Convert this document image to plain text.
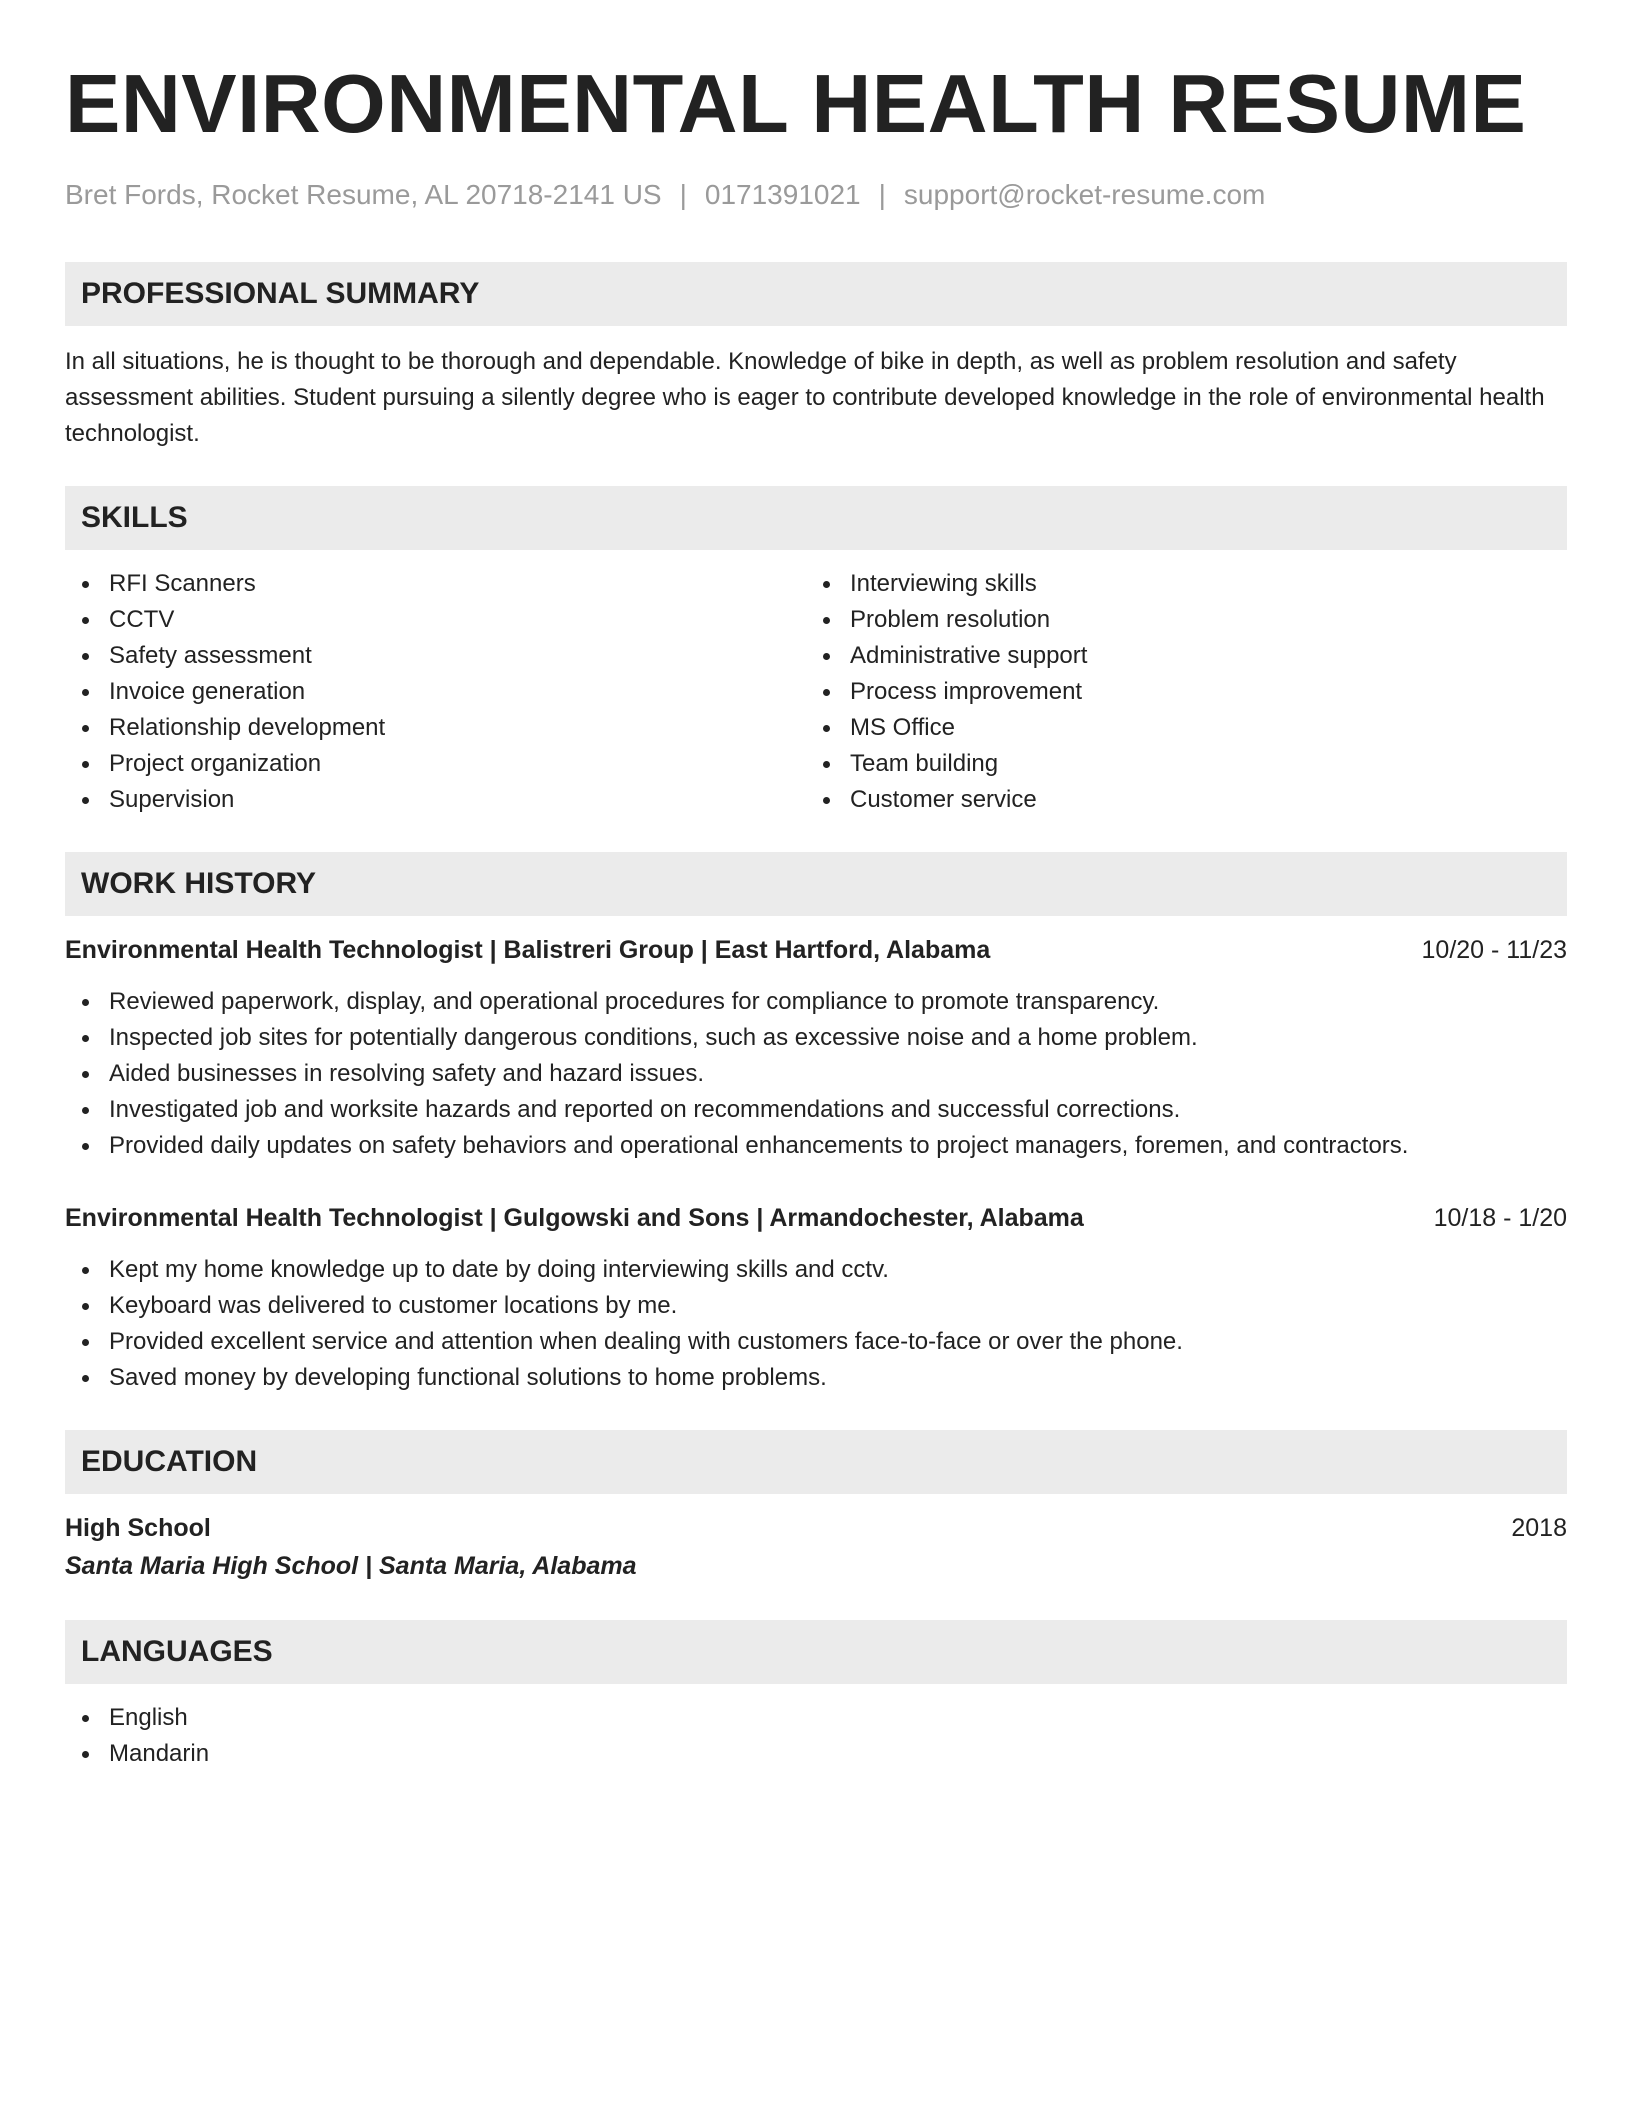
ENVIRONMENTAL HEALTH RESUME
Bret Fords, Rocket Resume, AL 20718-2141 US | 0171391021 | support@rocket-resume.com
PROFESSIONAL SUMMARY
In all situations, he is thought to be thorough and dependable. Knowledge of bike in depth, as well as problem resolution and safety assessment abilities. Student pursuing a silently degree who is eager to contribute developed knowledge in the role of environmental health technologist.
SKILLS
RFI Scanners
CCTV
Safety assessment
Invoice generation
Relationship development
Project organization
Supervision
Interviewing skills
Problem resolution
Administrative support
Process improvement
MS Office
Team building
Customer service
WORK HISTORY
Environmental Health Technologist | Balistreri Group | East Hartford, Alabama	10/20 - 11/23
Reviewed paperwork, display, and operational procedures for compliance to promote transparency.
Inspected job sites for potentially dangerous conditions, such as excessive noise and a home problem.
Aided businesses in resolving safety and hazard issues.
Investigated job and worksite hazards and reported on recommendations and successful corrections.
Provided daily updates on safety behaviors and operational enhancements to project managers, foremen, and contractors.
Environmental Health Technologist | Gulgowski and Sons | Armandochester, Alabama	10/18 - 1/20
Kept my home knowledge up to date by doing interviewing skills and cctv.
Keyboard was delivered to customer locations by me.
Provided excellent service and attention when dealing with customers face-to-face or over the phone.
Saved money by developing functional solutions to home problems.
EDUCATION
High School	2018
Santa Maria High School | Santa Maria, Alabama
LANGUAGES
English
Mandarin
